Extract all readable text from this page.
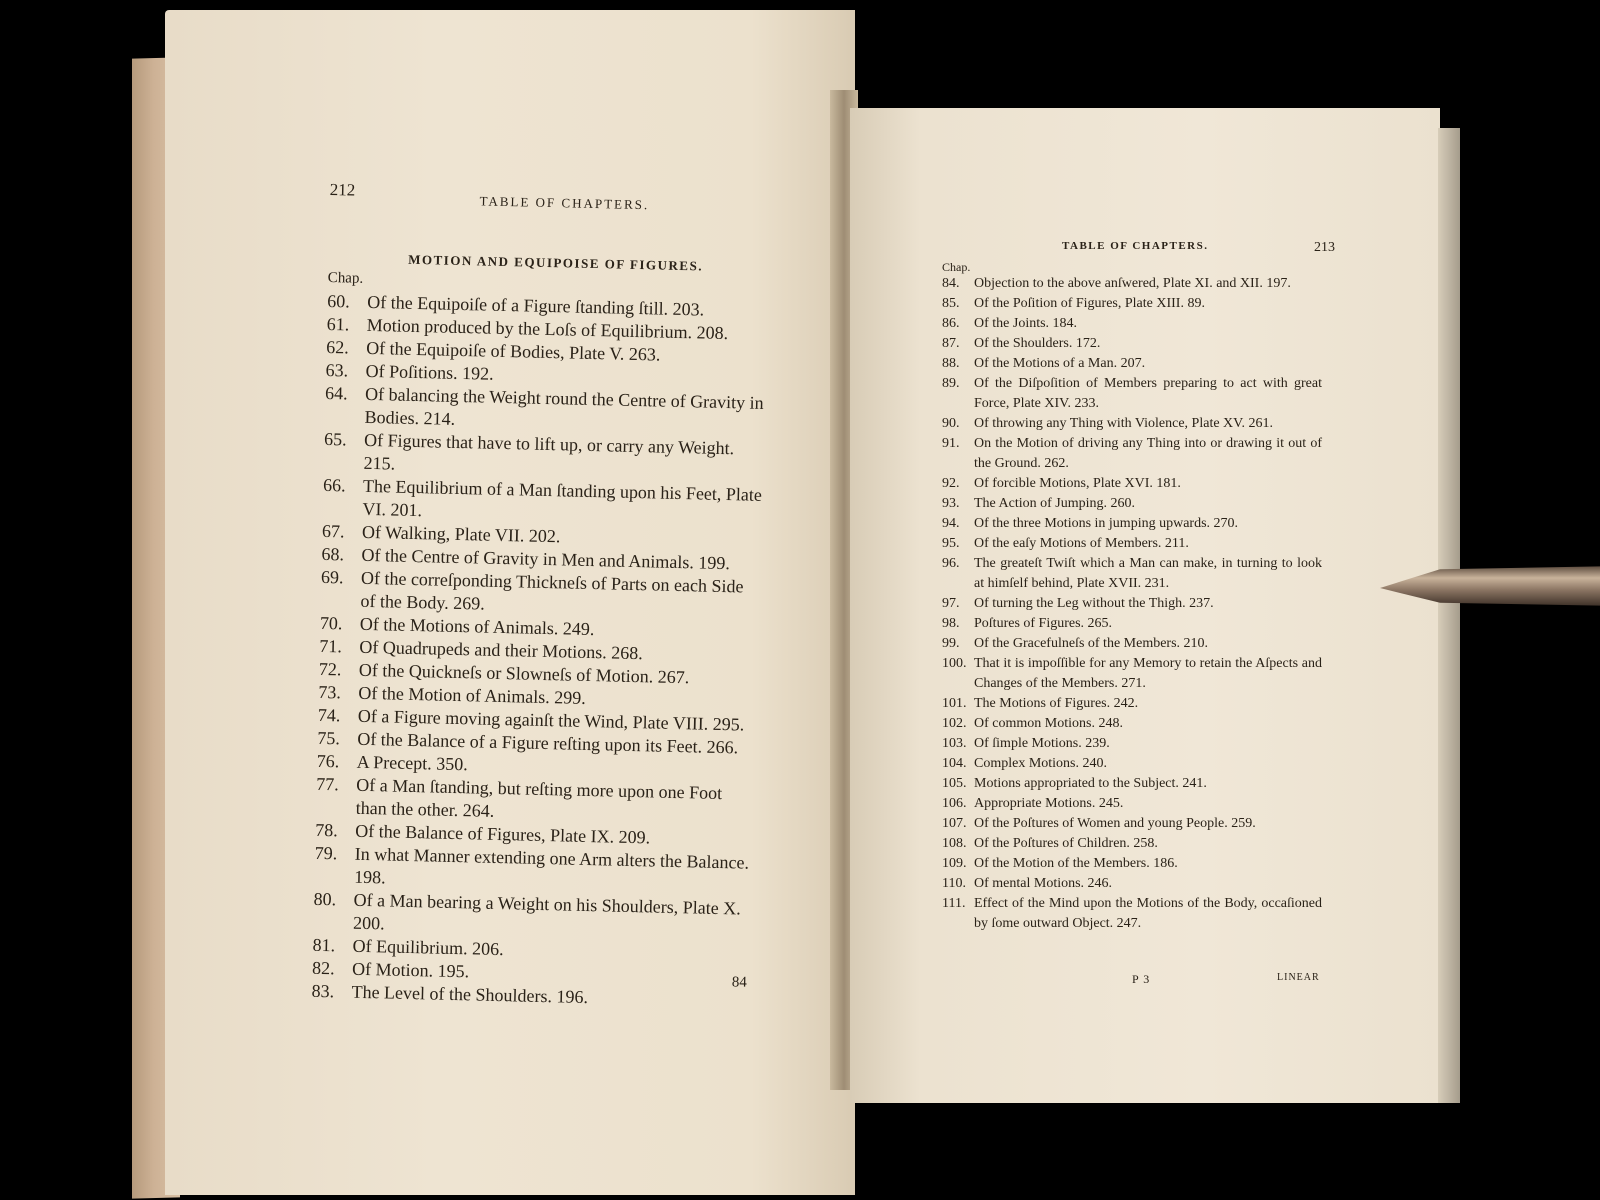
212
TABLE OF CHAPTERS.
MOTION AND EQUIPOISE OF FIGURES.
Chap.
60. Of the Equipoiſe of a Figure ſtanding ſtill. 203.
61. Motion produced by the Loſs of Equilibrium. 208.
62. Of the Equipoiſe of Bodies, Plate V. 263.
63. Of Poſitions. 192.
64. Of balancing the Weight round the Centre of Gravity in Bodies. 214.
65. Of Figures that have to lift up, or carry any Weight. 215.
66. The Equilibrium of a Man ſtanding upon his Feet, Plate VI. 201.
67. Of Walking, Plate VII. 202.
68. Of the Centre of Gravity in Men and Animals. 199.
69. Of the correſponding Thickneſs of Parts on each Side of the Body. 269.
70. Of the Motions of Animals. 249.
71. Of Quadrupeds and their Motions. 268.
72. Of the Quickneſs or Slowneſs of Motion. 267.
73. Of the Motion of Animals. 299.
74. Of a Figure moving againſt the Wind, Plate VIII. 295.
75. Of the Balance of a Figure reſting upon its Feet. 266.
76. A Precept. 350.
77. Of a Man ſtanding, but reſting more upon one Foot than the other. 264.
78. Of the Balance of Figures, Plate IX. 209.
79. In what Manner extending one Arm alters the Balance. 198.
80. Of a Man bearing a Weight on his Shoulders, Plate X. 200.
81. Of Equilibrium. 206.
82. Of Motion. 195.
83. The Level of the Shoulders. 196.	84
TABLE OF CHAPTERS.	213
Chap.
84. Objection to the above anſwered, Plate XI. and XII. 197.
85. Of the Poſition of Figures, Plate XIII. 89.
86. Of the Joints. 184.
87. Of the Shoulders. 172.
88. Of the Motions of a Man. 207.
89. Of the Diſpoſition of Members preparing to act with great Force, Plate XIV. 233.
90. Of throwing any Thing with Violence, Plate XV. 261.
91. On the Motion of driving any Thing into or drawing it out of the Ground. 262.
92. Of forcible Motions, Plate XVI. 181.
93. The Action of Jumping. 260.
94. Of the three Motions in jumping upwards. 270.
95. Of the eaſy Motions of Members. 211.
96. The greateſt Twiſt which a Man can make, in turning to look at himſelf behind, Plate XVII. 231.
97. Of turning the Leg without the Thigh. 237.
98. Poſtures of Figures. 265.
99. Of the Gracefulneſs of the Members. 210.
100. That it is impoſſible for any Memory to retain the Aſpects and Changes of the Members. 271.
101. The Motions of Figures. 242.
102. Of common Motions. 248.
103. Of ſimple Motions. 239.
104. Complex Motions. 240.
105. Motions appropriated to the Subject. 241.
106. Appropriate Motions. 245.
107. Of the Poſtures of Women and young People. 259.
108. Of the Poſtures of Children. 258.
109. Of the Motion of the Members. 186.
110. Of mental Motions. 246.
111. Effect of the Mind upon the Motions of the Body, occaſioned by ſome outward Object. 247.
P 3	LINEAR
